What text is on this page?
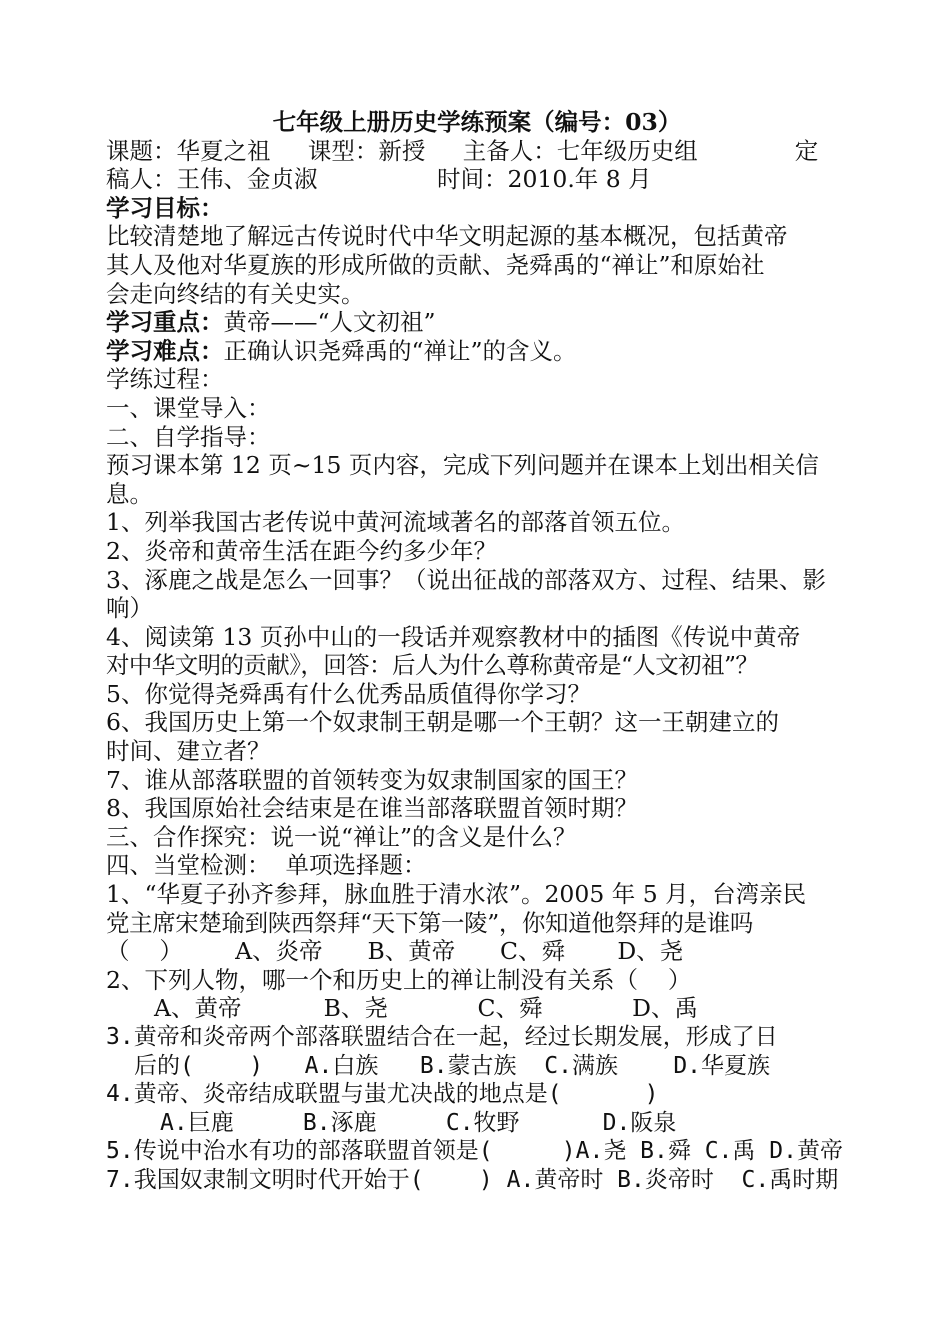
七年级上册历史学练预案（编号：03）
课题：华夏之祖     课型：新授     主备人：七年级历史组             定
稿人：王伟、金贞淑                时间：2010.年 8 月
学习目标：
比较清楚地了解远古传说时代中华文明起源的基本概况，包括黄帝
其人及他对华夏族的形成所做的贡献、尧舜禹的“禅让”和原始社
会走向终结的有关史实。
学习重点：黄帝——“人文初祖”
学习难点：正确认识尧舜禹的“禅让”的含义。
学练过程：
一、课堂导入：
二、自学指导：
预习课本第 12 页~15 页内容，完成下列问题并在课本上划出相关信
息。
1、列举我国古老传说中黄河流域著名的部落首领五位。
2、炎帝和黄帝生活在距今约多少年？
3、涿鹿之战是怎么一回事？（说出征战的部落双方、过程、结果、影
响）
4、阅读第 13 页孙中山的一段话并观察教材中的插图《传说中黄帝
对中华文明的贡献》，回答：后人为什么尊称黄帝是“人文初祖”？
5、你觉得尧舜禹有什么优秀品质值得你学习？
6、我国历史上第一个奴隶制王朝是哪一个王朝？这一王朝建立的
时间、建立者？
7、谁从部落联盟的首领转变为奴隶制国家的国王？
8、我国原始社会结束是在谁当部落联盟首领时期？
三、合作探究：说一说“禅让”的含义是什么？
四、当堂检测：  单项选择题：
1、“华夏子孙齐参拜，脉血胜于清水浓”。2005 年 5 月，台湾亲民
党主席宋楚瑜到陕西祭拜“天下第一陵”，你知道他祭拜的是谁吗
（    ）       A、炎帝      B、黄帝      C、舜       D、尧
2、下列人物，哪一个和历史上的禅让制没有关系（    ）
A、黄帝           B、尧            C、舜            D、禹
3.黄帝和炎帝两个部落联盟结合在一起，经过长期发展，形成了日
后的(    )   A.白族   B.蒙古族  C.满族    D.华夏族
4.黄帝、炎帝结成联盟与蚩尤决战的地点是(      )
A.巨鹿     B.涿鹿     C.牧野      D.阪泉
5.传说中治水有功的部落联盟首领是(     )A.尧 B.舜 C.禹 D.黄帝
7.我国奴隶制文明时代开始于(    ) A.黄帝时 B.炎帝时  C.禹时期
